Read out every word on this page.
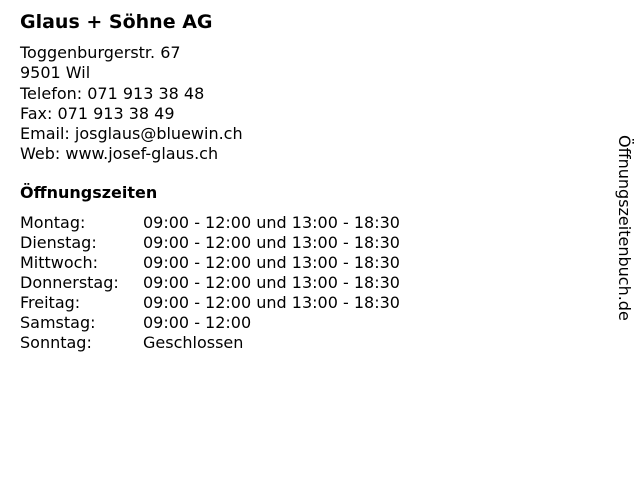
Glaus + Söhne AG
Toggenburgerstr. 67
9501 Wil
Telefon: 071 913 38 48
Fax: 071 913 38 49
Email: josglaus@bluewin.ch
Web: www.josef-glaus.ch
Öffnungszeiten
Montag:	09:00 - 12:00 und 13:00 - 18:30
Dienstag:	09:00 - 12:00 und 13:00 - 18:30
Mittwoch:	09:00 - 12:00 und 13:00 - 18:30
Donnerstag: 09:00 - 12:00 und 13:00 - 18:30
Freitag:	09:00 - 12:00 und 13:00 - 18:30
Samstag:	09:00 - 12:00
Sonntag:	Geschlossen
Öffnungszeitenbuch.de
